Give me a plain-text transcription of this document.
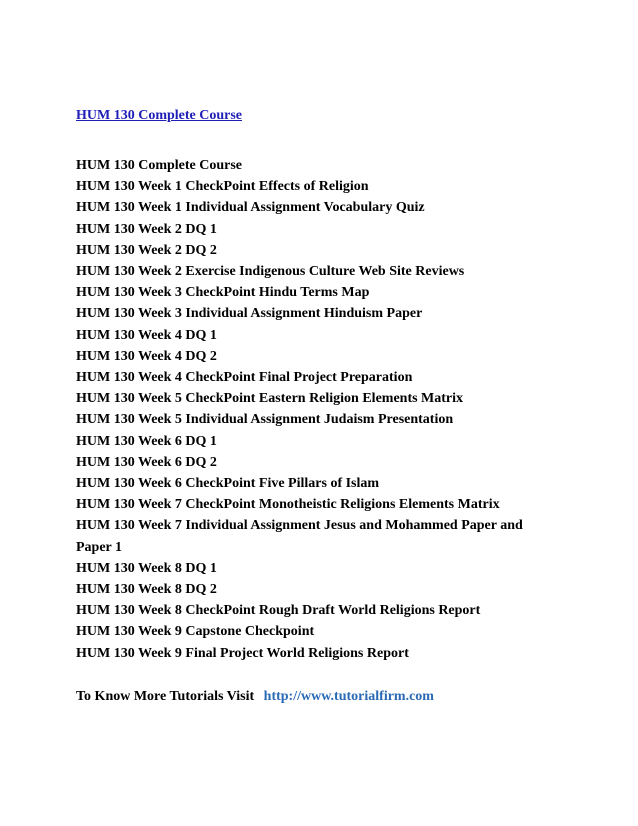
HUM 130 Complete Course
HUM 130 Complete Course
HUM 130 Week 1 CheckPoint Effects of Religion
HUM 130 Week 1 Individual Assignment Vocabulary Quiz
HUM 130 Week 2 DQ 1
HUM 130 Week 2 DQ 2
HUM 130 Week 2 Exercise Indigenous Culture Web Site Reviews
HUM 130 Week 3 CheckPoint Hindu Terms Map
HUM 130 Week 3 Individual Assignment Hinduism Paper
HUM 130 Week 4 DQ 1
HUM 130 Week 4 DQ 2
HUM 130 Week 4 CheckPoint Final Project Preparation
HUM 130 Week 5 CheckPoint Eastern Religion Elements Matrix
HUM 130 Week 5 Individual Assignment Judaism Presentation
HUM 130 Week 6 DQ 1
HUM 130 Week 6 DQ 2
HUM 130 Week 6 CheckPoint Five Pillars of Islam
HUM 130 Week 7 CheckPoint Monotheistic Religions Elements Matrix
HUM 130 Week 7 Individual Assignment Jesus and Mohammed Paper and Paper 1
HUM 130 Week 8 DQ 1
HUM 130 Week 8 DQ 2
HUM 130 Week 8 CheckPoint Rough Draft World Religions Report
HUM 130 Week 9 Capstone Checkpoint
HUM 130 Week 9 Final Project World Religions Report
To Know More Tutorials Visit http://www.tutorialfirm.com
